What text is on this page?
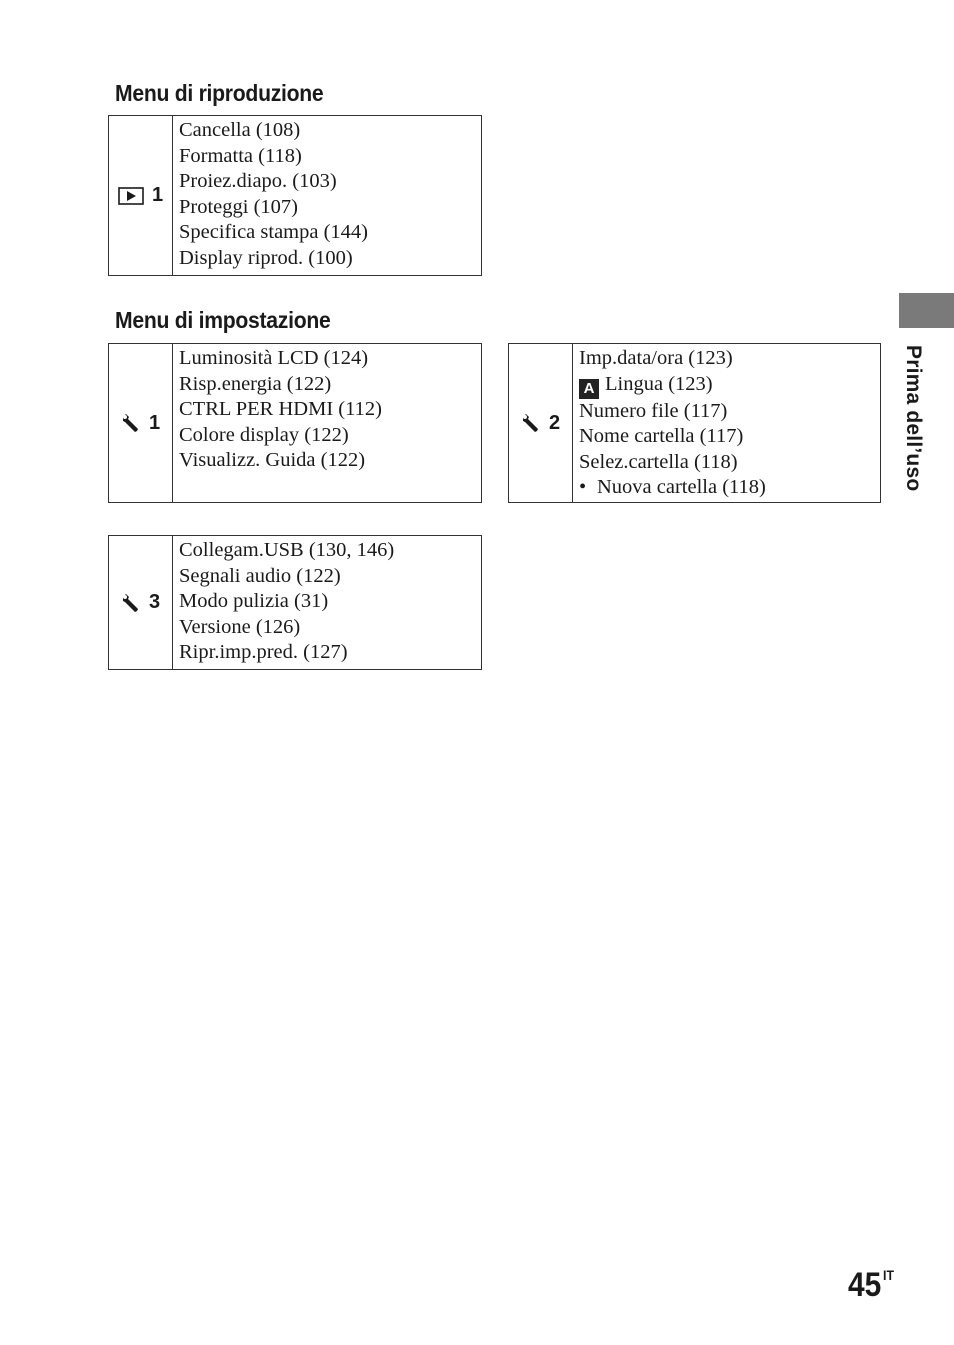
Menu di riproduzione
1
Cancella (108)
Formatta (118)
Proiez.diapo. (103)
Proteggi (107)
Specifica stampa (144)
Display riprod. (100)
Menu di impostazione
1
Luminosità LCD (124)
Risp.energia (122)
CTRL PER HDMI (112)
Colore display (122)
Visualizz. Guida (122)
2
Imp.data/ora (123)
A Lingua (123)
Numero file (117)
Nome cartella (117)
Selez.cartella (118)
• Nuova cartella (118)
3
Collegam.USB (130, 146)
Segnali audio (122)
Modo pulizia (31)
Versione (126)
Ripr.imp.pred. (127)
Prima dell’uso
45 $^{IT}$
